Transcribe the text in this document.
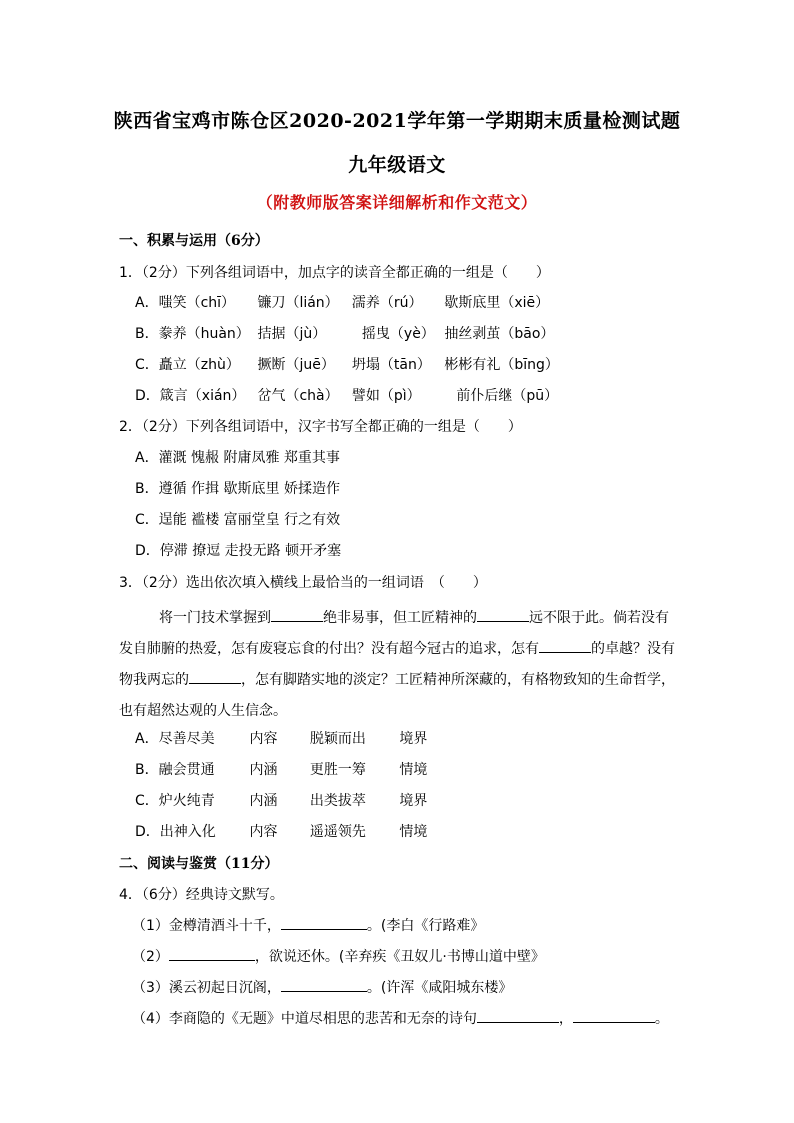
陕西省宝鸡市陈仓区2020-2021学年第一学期期末质量检测试题
九年级语文
（附教师版答案详细解析和作文范文）
一、积累与运用（6分）
1．（2分）下列各组词语中，加点字的读音全都正确的一组是（　　）
A．嗤笑（chī） 镰刀（lián） 濡养（rú） 歇斯底里（xiē）
B．豢养（huàn） 拮据（jù）	摇曳（yè） 抽丝剥茧（bāo）
C．矗立（zhù） 撅断（juē） 坍塌（tān） 彬彬有礼（bīng）
D．箴言（xián） 岔气（chà） 譬如（pì）	前仆后继（pū）
2．（2分）下列各组词语中，汉字书写全都正确的一组是（　　）
A．灌溉 愧赧 附庸凤雅 郑重其事
B．遵循 作揖 歇斯底里 娇揉造作
C．逞能 褴楼 富丽堂皇 行之有效
D．停滞 撩逗 走投无路 顿开矛塞
3．（2分）选出依次填入横线上最恰当的一组词语　（　　）
将一门技术掌握到	绝非易事，但工匠精神的	远不限于此。倘若没有发自肺腑的热爱，怎有废寝忘食的付出？没有超今冠古的追求，怎有	的卓越？没有物我两忘的	，怎有脚踏实地的淡定？工匠精神所深藏的，有格物致知的生命哲学，也有超然达观的人生信念。
A．尽善尽美 内容 脱颖而出 境界
B．融会贯通 内涵 更胜一筹 情境
C．炉火纯青 内涵 出类拔萃 境界
D．出神入化 内容 遥遥领先 情境
二、阅读与鉴赏（11分）
4．（6分）经典诗文默写。
（1）金樽清酒斗十千，	。(李白《行路难》
（2）	，欲说还休。(辛弃疾《丑奴儿·书博山道中壁》
（3）溪云初起日沉阁，	。(许浑《咸阳城东楼》
（4）李商隐的《无题》中道尽相思的悲苦和无奈的诗句	，	。
